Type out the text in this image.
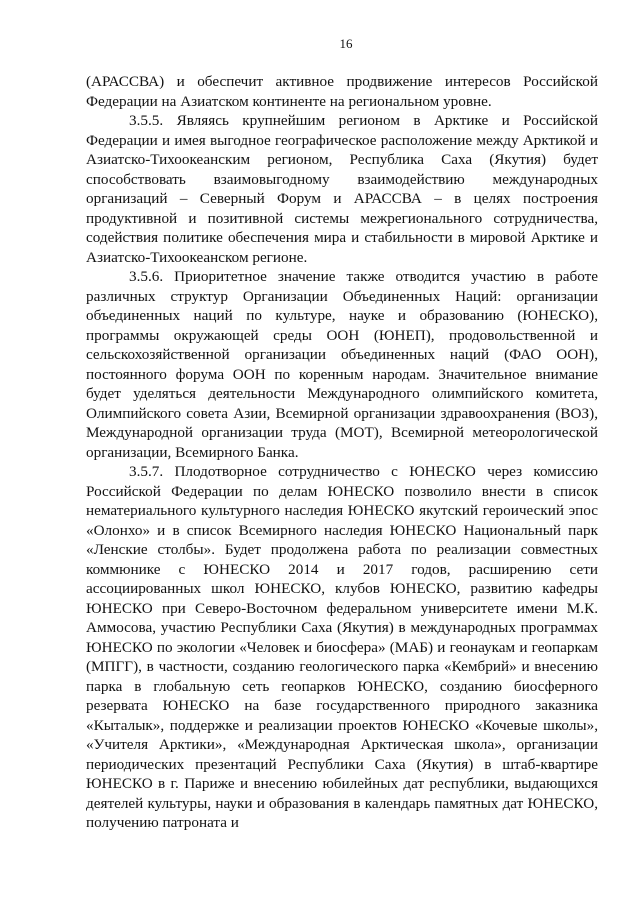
16

(АРАССВА) и обеспечит активное продвижение интересов Российской Федерации на Азиатском континенте на региональном уровне.

3.5.5. Являясь крупнейшим регионом в Арктике и Российской Федерации и имея выгодное географическое расположение между Арктикой и Азиатско-Тихоокеанским регионом, Республика Саха (Якутия) будет способствовать взаимовыгодному взаимодействию международных организаций – Северный Форум и АРАССВА – в целях построения продуктивной и позитивной системы межрегионального сотрудничества, содействия политике обеспечения мира и стабильности в мировой Арктике и Азиатско-Тихоокеанском регионе.

3.5.6. Приоритетное значение также отводится участию в работе различных структур Организации Объединенных Наций: организации объединенных наций по культуре, науке и образованию (ЮНЕСКО), программы окружающей среды ООН (ЮНЕП), продовольственной и сельскохозяйственной организации объединенных наций (ФАО ООН), постоянного форума ООН по коренным народам. Значительное внимание будет уделяться деятельности Международного олимпийского комитета, Олимпийского совета Азии, Всемирной организации здравоохранения (ВОЗ), Международной организации труда (МОТ), Всемирной метеорологической организации, Всемирного Банка.

3.5.7. Плодотворное сотрудничество с ЮНЕСКО через комиссию Российской Федерации по делам ЮНЕСКО позволило внести в список нематериального культурного наследия ЮНЕСКО якутский героический эпос «Олонхо» и в список Всемирного наследия ЮНЕСКО Национальный парк «Ленские столбы». Будет продолжена работа по реализации совместных коммюнике с ЮНЕСКО 2014 и 2017 годов, расширению сети ассоциированных школ ЮНЕСКО, клубов ЮНЕСКО, развитию кафедры ЮНЕСКО при Северо-Восточном федеральном университете имени М.К. Аммосова, участию Республики Саха (Якутия) в международных программах ЮНЕСКО по экологии «Человек и биосфера» (МАБ) и геонаукам и геопаркам (МПГГ), в частности, созданию геологического парка «Кембрий» и внесению парка в глобальную сеть геопарков ЮНЕСКО, созданию биосферного резервата ЮНЕСКО на базе государственного природного заказника «Кыталык», поддержке и реализации проектов ЮНЕСКО «Кочевые школы», «Учителя Арктики», «Международная Арктическая школа», организации периодических презентаций Республики Саха (Якутия) в штаб-квартире ЮНЕСКО в г. Париже и внесению юбилейных дат республики, выдающихся деятелей культуры, науки и образования в календарь памятных дат ЮНЕСКО, получению патроната и
